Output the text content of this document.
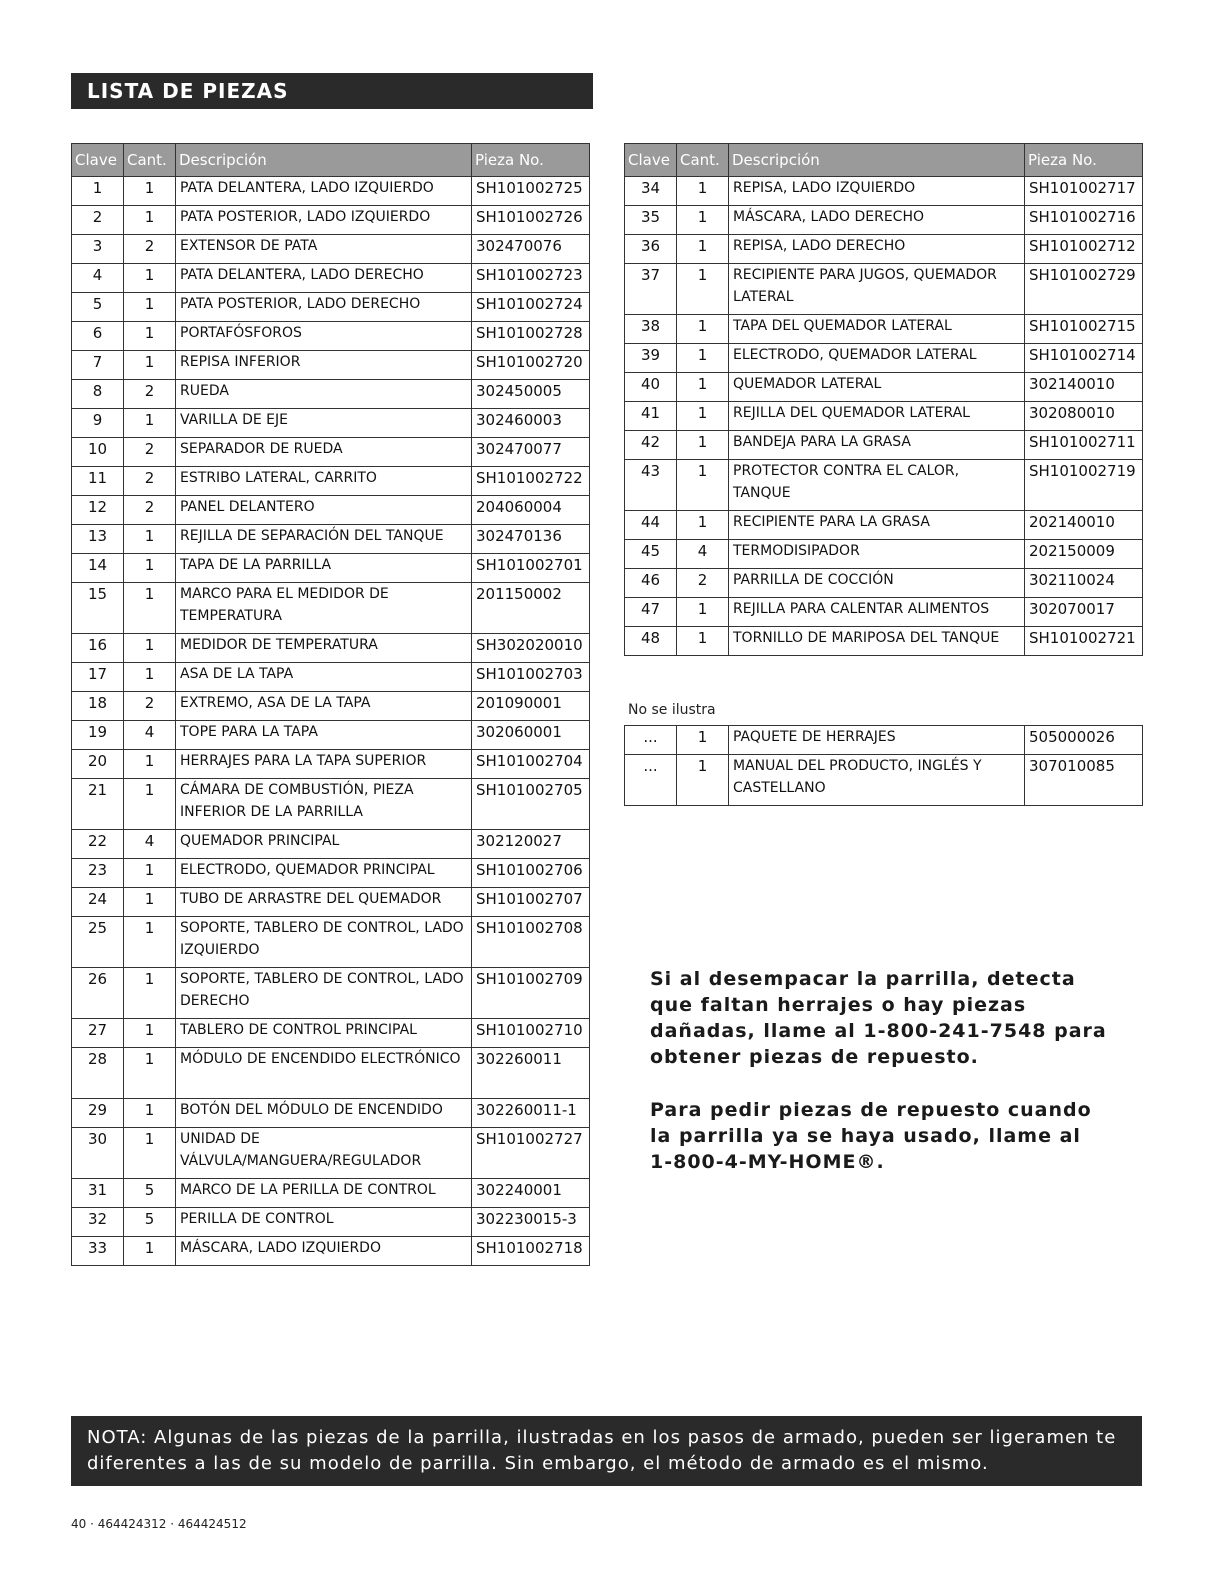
LISTA DE PIEZAS
Clave	Cant.	Descripción	Pieza No.
1	1	PATA DELANTERA, LADO IZQUIERDO	SH101002725
2	1	PATA POSTERIOR, LADO IZQUIERDO	SH101002726
3	2	EXTENSOR DE PATA	302470076
4	1	PATA DELANTERA, LADO DERECHO	SH101002723
5	1	PATA POSTERIOR, LADO DERECHO	SH101002724
6	1	PORTAFÓSFOROS	SH101002728
7	1	REPISA INFERIOR	SH101002720
8	2	RUEDA	302450005
9	1	VARILLA DE EJE	302460003
10	2	SEPARADOR DE RUEDA	302470077
11	2	ESTRIBO LATERAL, CARRITO	SH101002722
12	2	PANEL DELANTERO	204060004
13	1	REJILLA DE SEPARACIÓN DEL TANQUE	302470136
14	1	TAPA DE LA PARRILLA	SH101002701
15	1	MARCO PARA EL MEDIDOR DE TEMPERATURA	201150002
16	1	MEDIDOR DE TEMPERATURA	SH302020010
17	1	ASA DE LA TAPA	SH101002703
18	2	EXTREMO, ASA DE LA TAPA	201090001
19	4	TOPE PARA LA TAPA	302060001
20	1	HERRAJES PARA LA TAPA SUPERIOR	SH101002704
21	1	CÁMARA DE COMBUSTIÓN, PIEZA INFERIOR DE LA PARRILLA	SH101002705
22	4	QUEMADOR PRINCIPAL	302120027
23	1	ELECTRODO, QUEMADOR PRINCIPAL	SH101002706
24	1	TUBO DE ARRASTRE DEL QUEMADOR	SH101002707
25	1	SOPORTE, TABLERO DE CONTROL, LADO IZQUIERDO	SH101002708
26	1	SOPORTE, TABLERO DE CONTROL, LADO DERECHO	SH101002709
27	1	TABLERO DE CONTROL PRINCIPAL	SH101002710
28	1	MÓDULO DE ENCENDIDO ELECTRÓNICO	302260011
29	1	BOTÓN DEL MÓDULO DE ENCENDIDO	302260011-1
30	1	UNIDAD DE VÁLVULA/MANGUERA/REGULADOR	SH101002727
31	5	MARCO DE LA PERILLA DE CONTROL	302240001
32	5	PERILLA DE CONTROL	302230015-3
33	1	MÁSCARA, LADO IZQUIERDO	SH101002718
Clave	Cant.	Descripción	Pieza No.
34	1	REPISA, LADO IZQUIERDO	SH101002717
35	1	MÁSCARA, LADO DERECHO	SH101002716
36	1	REPISA, LADO DERECHO	SH101002712
37	1	RECIPIENTE PARA JUGOS, QUEMADOR LATERAL	SH101002729
38	1	TAPA DEL QUEMADOR LATERAL	SH101002715
39	1	ELECTRODO, QUEMADOR LATERAL	SH101002714
40	1	QUEMADOR LATERAL	302140010
41	1	REJILLA DEL QUEMADOR LATERAL	302080010
42	1	BANDEJA PARA LA GRASA	SH101002711
43	1	PROTECTOR CONTRA EL CALOR, TANQUE	SH101002719
44	1	RECIPIENTE PARA LA GRASA	202140010
45	4	TERMODISIPADOR	202150009
46	2	PARRILLA DE COCCIÓN	302110024
47	1	REJILLA PARA CALENTAR ALIMENTOS	302070017
48	1	TORNILLO DE MARIPOSA DEL TANQUE	SH101002721
No se ilustra
...	1	PAQUETE DE HERRAJES	505000026
...	1	MANUAL DEL PRODUCTO, INGLÉS Y CASTELLANO	307010085
Si al desempacar la parrilla, detecta que faltan herrajes o hay piezas dañadas, llame al 1-800-241-7548 para obtener piezas de repuesto.
Para pedir piezas de repuesto cuando la parrilla ya se haya usado, llame al 1-800-4-MY-HOME®.
NOTA: Algunas de las piezas de la parrilla, ilustradas en los pasos de armado, pueden ser ligeramen te diferentes a las de su modelo de parrilla. Sin embargo, el método de armado es el mismo.
40 · 464424312 · 464424512
